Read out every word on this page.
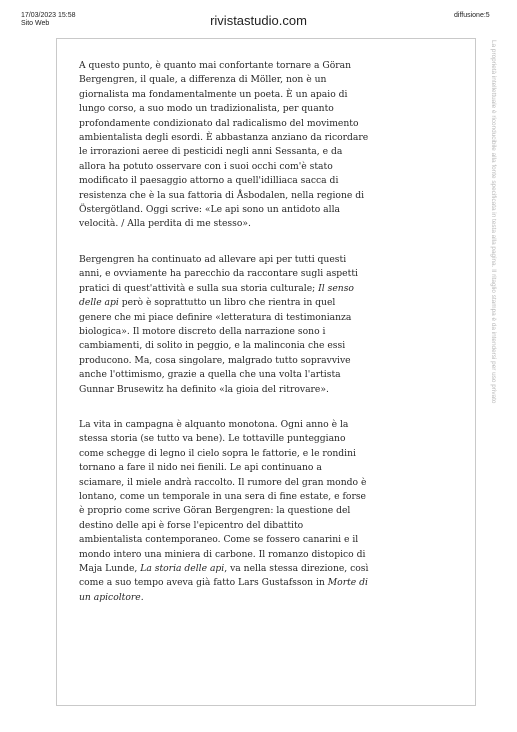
17/03/2023 15:58
Sito Web	rivistastudio.com	diffusione:5
La proprietà intellettuale è riconducibile alla fonte specificata in testa alla pagina. Il ritaglio stampa è da intendersi per uso privato

A questo punto, è quanto mai confortante tornare a Göran Bergengren, il quale, a differenza di Möller, non è un giornalista ma fondamentalmente un poeta. È un apaio di lungo corso, a suo modo un tradizionalista, per quanto profondamente condizionato dal radicalismo del movimento ambientalista degli esordi. È abbastanza anziano da ricordare le irrorazioni aeree di pesticidi negli anni Sessanta, e da allora ha potuto osservare con i suoi occhi com'è stato modificato il paesaggio attorno a quell'idilliaca sacca di resistenza che è la sua fattoria di Åsbodalen, nella regione di Östergötland. Oggi scrive: «Le api sono un antidoto alla velocità. / Alla perdita di me stesso».

Bergengren ha continuato ad allevare api per tutti questi anni, e ovviamente ha parecchio da raccontare sugli aspetti pratici di quest'attività e sulla sua storia culturale; Il senso delle api però è soprattutto un libro che rientra in quel genere che mi piace definire «letteratura di testimonianza biologica». Il motore discreto della narrazione sono i cambiamenti, di solito in peggio, e la malinconia che essi producono. Ma, cosa singolare, malgrado tutto sopravvive anche l'ottimismo, grazie a quella che una volta l'artista Gunnar Brusewitz ha definito «la gioia del ritrovare».

La vita in campagna è alquanto monotona. Ogni anno è la stessa storia (se tutto va bene). Le tottaville punteggiano come schegge di legno il cielo sopra le fattorie, e le rondini tornano a fare il nido nei fienili. Le api continuano a sciamare, il miele andrà raccolto. Il rumore del gran mondo è lontano, come un temporale in una sera di fine estate, e forse è proprio come scrive Göran Bergengren: la questione del destino delle api è forse l'epicentro del dibattito ambientalista contemporaneo. Come se fossero canarini e il mondo intero una miniera di carbone. Il romanzo distopico di Maja Lunde, La storia delle api, va nella stessa direzione, così come a suo tempo aveva già fatto Lars Gustafsson in Morte di un apicoltore.
